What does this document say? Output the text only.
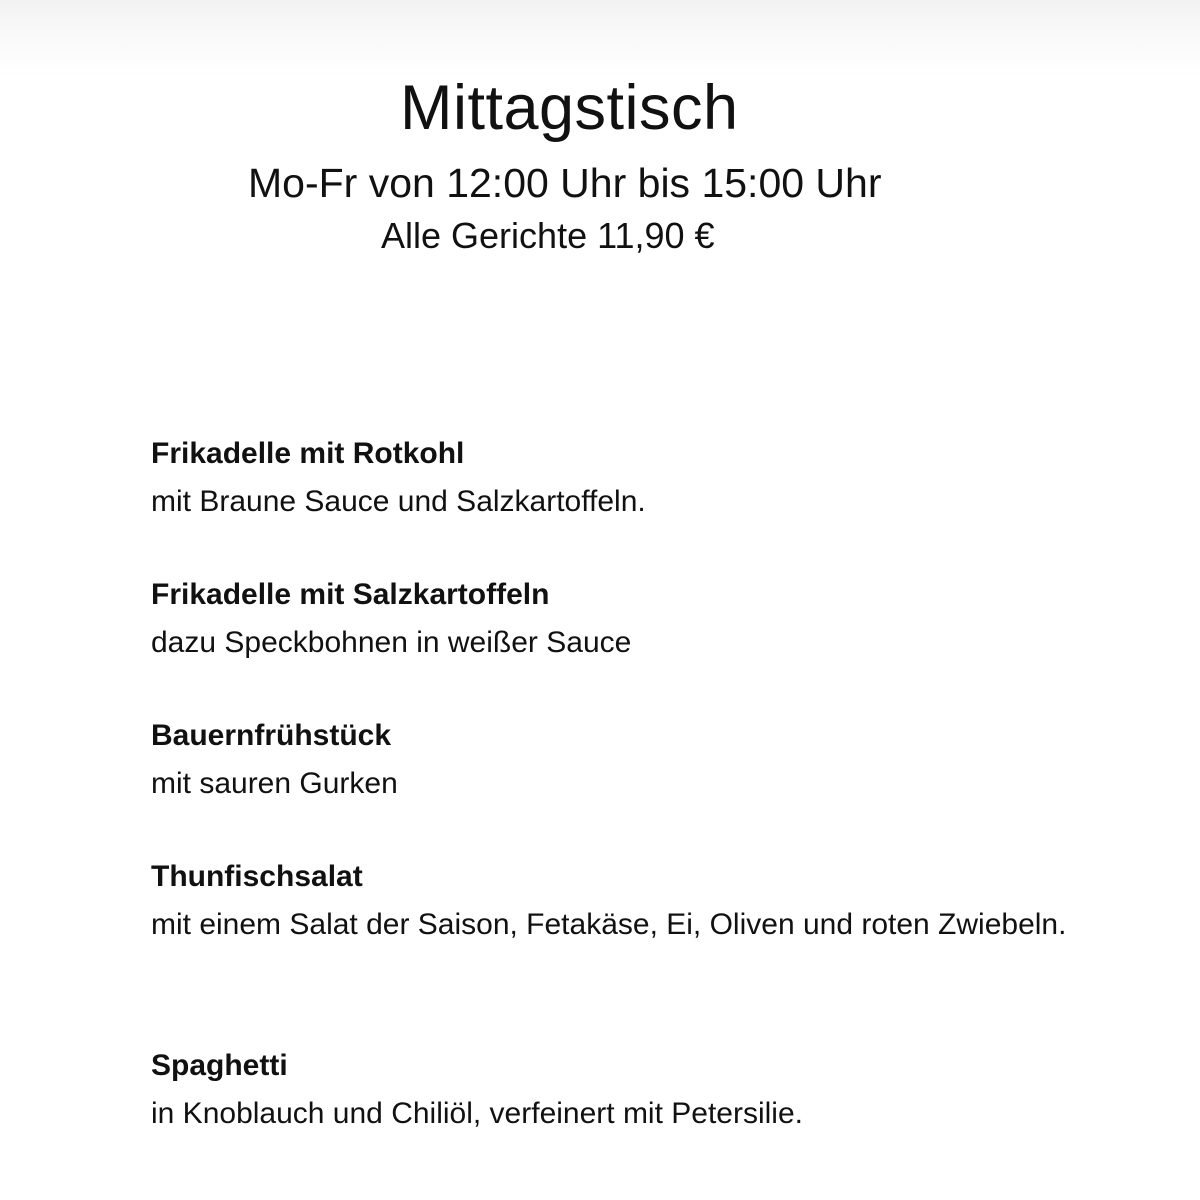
Mittagstisch
Mo-Fr von 12:00 Uhr bis 15:00 Uhr
Alle Gerichte 11,90 €
Frikadelle mit Rotkohl
mit Braune Sauce und Salzkartoffeln.
Frikadelle mit Salzkartoffeln
dazu Speckbohnen in weißer Sauce
Bauernfrühstück
mit sauren Gurken
Thunfischsalat
mit einem Salat der Saison, Fetakäse, Ei, Oliven und roten Zwiebeln.
Spaghetti
in Knoblauch und Chiliöl, verfeinert mit Petersilie.
